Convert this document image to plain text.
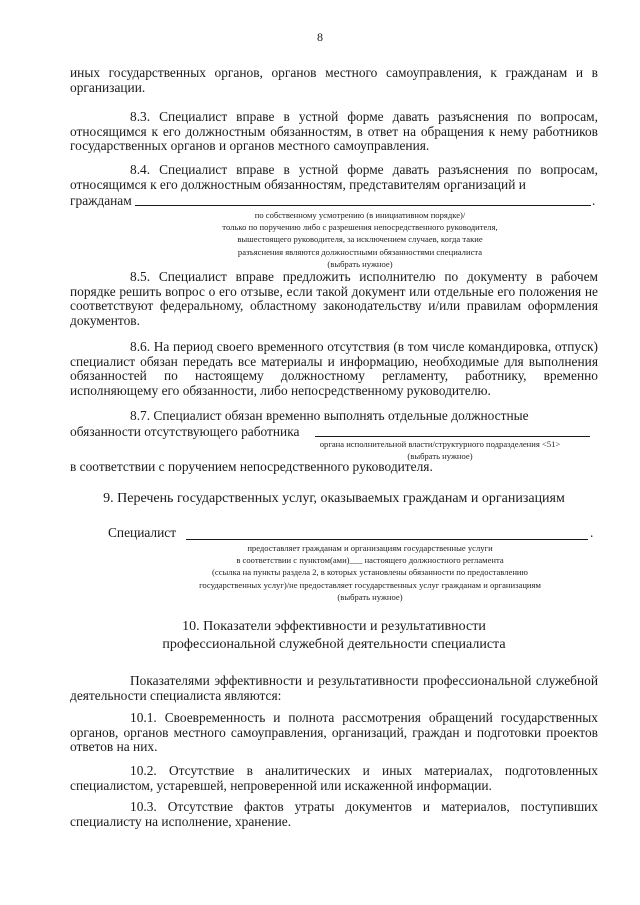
8

иных государственных органов, органов местного самоуправления, к гражданам и в организации.

8.3. Специалист вправе в устной форме давать разъяснения по вопросам, относящимся к его должностным обязанностям, в ответ на обращения к нему работников государственных органов и органов местного самоуправления.

8.4. Специалист вправе в устной форме давать разъяснения по вопросам, относящимся к его должностным обязанностям, представителям организаций и

гражданам	.

по собственному усмотрению (в инициативном порядке)/
только по поручению либо с разрешения непосредственного руководителя,
вышестоящего руководителя, за исключением случаев, когда такие
разъяснения являются должностными обязанностями специалиста
(выбрать нужное)

8.5. Специалист вправе предложить исполнителю по документу в рабочем порядке решить вопрос о его отзыве, если такой документ или отдельные его положения не соответствуют федеральному, областному законодательству и/или правилам оформления документов.

8.6. На период своего временного отсутствия (в том числе командировка, отпуск) специалист обязан передать все материалы и информацию, необходимые для выполнения обязанностей по настоящему должностному регламенту, работнику, временно исполняющему его обязанности, либо непосредственному руководителю.

8.7. Специалист обязан временно выполнять отдельные должностные

обязанности отсутствующего работника

органа исполнительной власти/структурного подразделения <51>
(выбрать нужное)

в соответствии с поручением непосредственного руководителя.

9. Перечень государственных услуг, оказываемых гражданам и организациям

Специалист	.

предоставляет гражданам и организациям государственные услуги
в соответствии с пунктом(ами)___ настоящего должностного регламента
(ссылка на пункты раздела 2, в которых установлены обязанности по предоставлению
государственных услуг)/не предоставляет государственных услуг гражданам и организациям
(выбрать нужное)

10. Показатели эффективности и результативности

профессиональной служебной деятельности специалиста

Показателями эффективности и результативности профессиональной служебной деятельности специалиста являются:

10.1. Своевременность и полнота рассмотрения обращений государственных органов, органов местного самоуправления, организаций, граждан и подготовки проектов ответов на них.

10.2. Отсутствие в аналитических и иных материалах, подготовленных специалистом, устаревшей, непроверенной или искаженной информации.

10.3. Отсутствие фактов утраты документов и материалов, поступивших специалисту на исполнение, хранение.
